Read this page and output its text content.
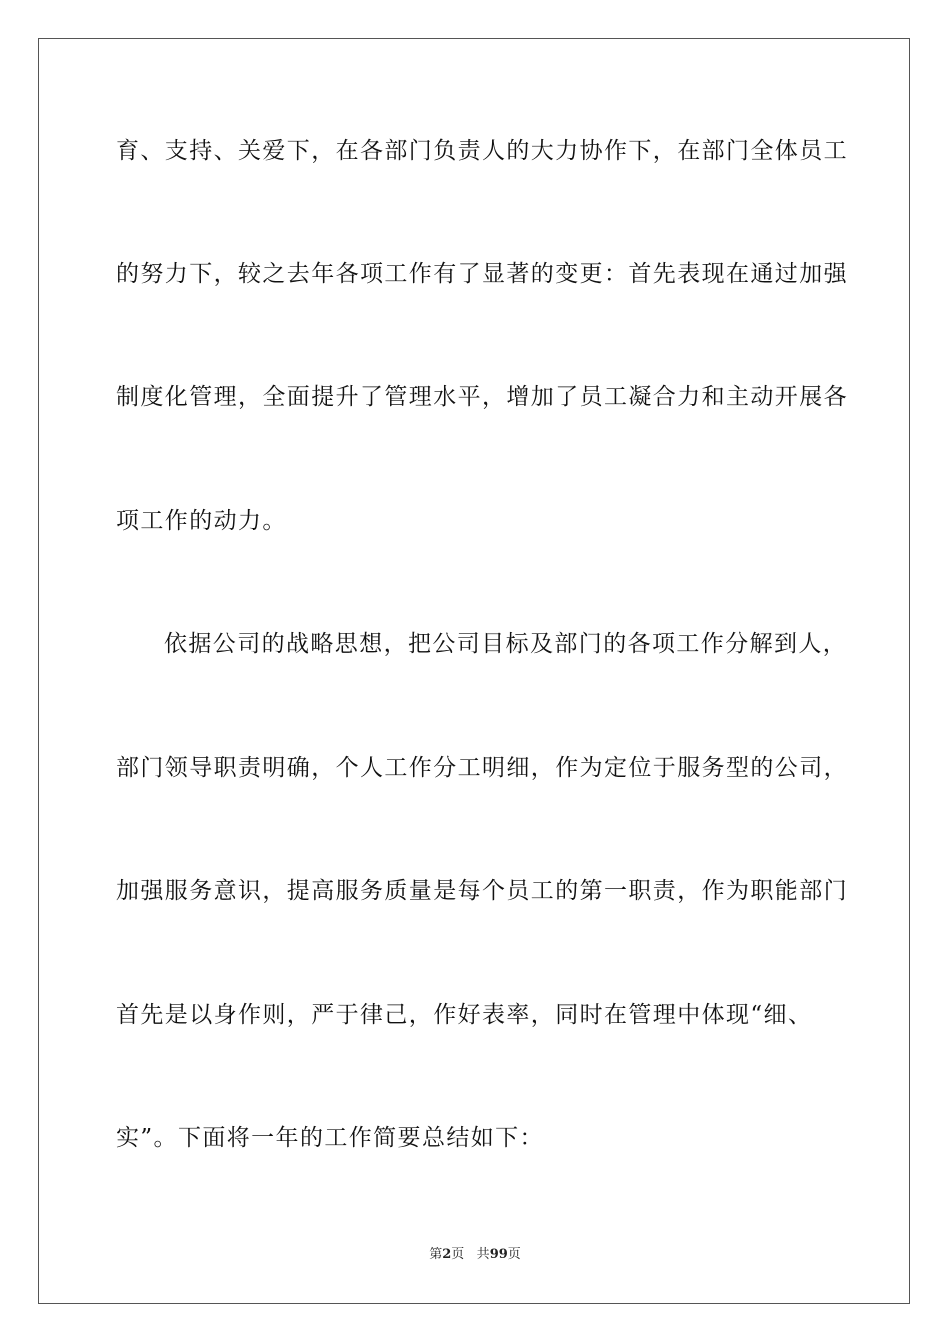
育、支持、关爱下，在各部门负责人的大力协作下，在部门全体员工
的努力下，较之去年各项工作有了显著的变更：首先表现在通过加强
制度化管理，全面提升了管理水平，增加了员工凝合力和主动开展各
项工作的动力。
依据公司的战略思想，把公司目标及部门的各项工作分解到人，
部门领导职责明确，个人工作分工明细，作为定位于服务型的公司，
加强服务意识，提高服务质量是每个员工的第一职责，作为职能部门
首先是以身作则，严于律己，作好表率，同时在管理中体现“细、
实”。下面将一年的工作简要总结如下：
第2页 共99页
